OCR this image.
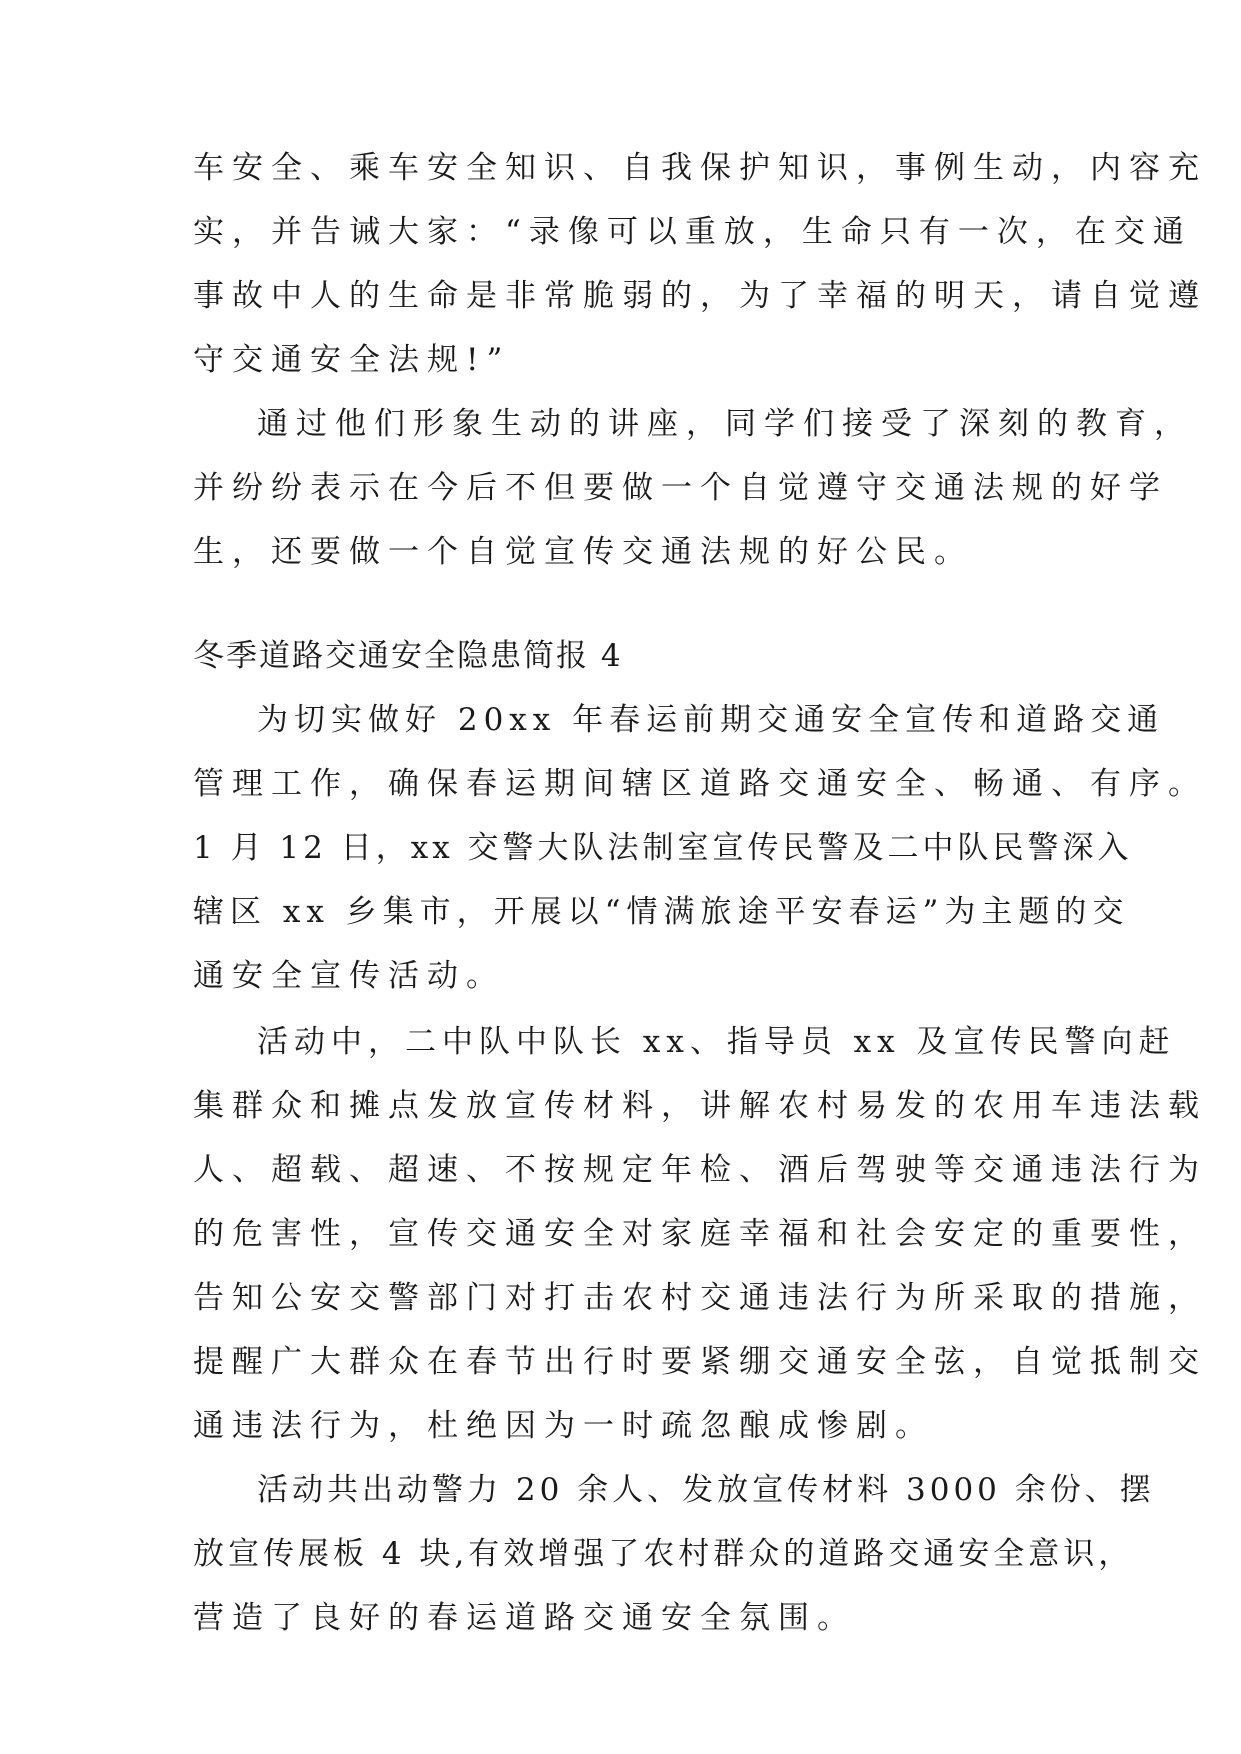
车安全、乘车安全知识、自我保护知识，事例生动，内容充
实，并告诫大家：“录像可以重放，生命只有一次，在交通
事故中人的生命是非常脆弱的，为了幸福的明天，请自觉遵
守交通安全法规!”
通过他们形象生动的讲座，同学们接受了深刻的教育，
并纷纷表示在今后不但要做一个自觉遵守交通法规的好学
生，还要做一个自觉宣传交通法规的好公民。
冬季道路交通安全隐患简报 4
为切实做好 20xx 年春运前期交通安全宣传和道路交通
管理工作，确保春运期间辖区道路交通安全、畅通、有序。
1 月 12 日，xx 交警大队法制室宣传民警及二中队民警深入
辖区 xx 乡集市，开展以“情满旅途平安春运”为主题的交
通安全宣传活动。
活动中，二中队中队长 xx、指导员 xx 及宣传民警向赶
集群众和摊点发放宣传材料，讲解农村易发的农用车违法载
人、超载、超速、不按规定年检、酒后驾驶等交通违法行为
的危害性，宣传交通安全对家庭幸福和社会安定的重要性，
告知公安交警部门对打击农村交通违法行为所采取的措施，
提醒广大群众在春节出行时要紧绷交通安全弦，自觉抵制交
通违法行为，杜绝因为一时疏忽酿成惨剧。
活动共出动警力 20 余人、发放宣传材料 3000 余份、摆
放宣传展板 4 块,有效增强了农村群众的道路交通安全意识，
营造了良好的春运道路交通安全氛围。
